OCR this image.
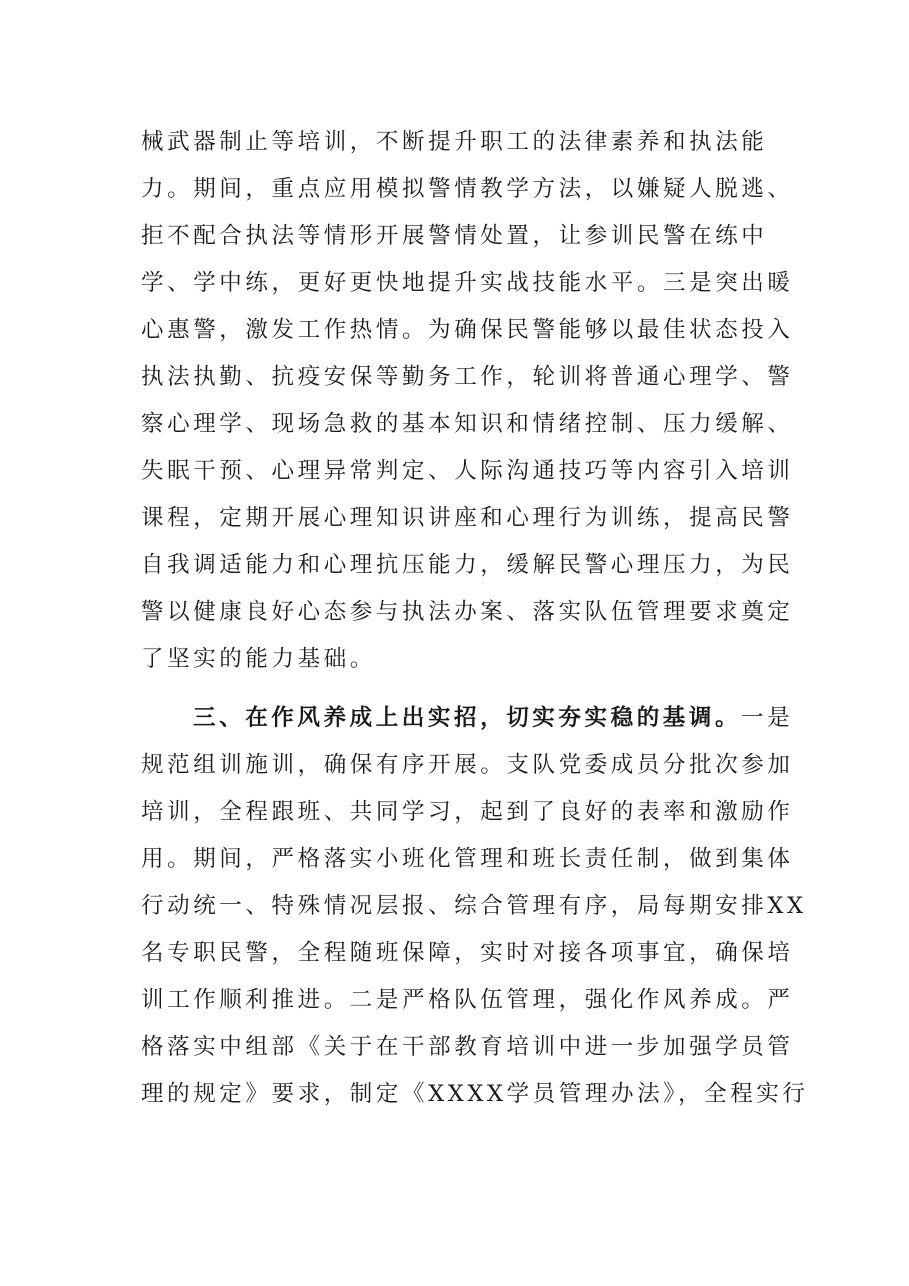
械武器制止等培训，不断提升职工的法律素养和执法能
力。期间，重点应用模拟警情教学方法，以嫌疑人脱逃、
拒不配合执法等情形开展警情处置，让参训民警在练中
学、学中练，更好更快地提升实战技能水平。三是突出暖
心惠警，激发工作热情。为确保民警能够以最佳状态投入
执法执勤、抗疫安保等勤务工作，轮训将普通心理学、警
察心理学、现场急救的基本知识和情绪控制、压力缓解、
失眠干预、心理异常判定、人际沟通技巧等内容引入培训
课程，定期开展心理知识讲座和心理行为训练，提高民警
自我调适能力和心理抗压能力，缓解民警心理压力，为民
警以健康良好心态参与执法办案、落实队伍管理要求奠定
了坚实的能力基础。
三、在作风养成上出实招，切实夯实稳的基调。一是
规范组训施训，确保有序开展。支队党委成员分批次参加
培训，全程跟班、共同学习，起到了良好的表率和激励作
用。期间，严格落实小班化管理和班长责任制，做到集体
行动统一、特殊情况层报、综合管理有序，局每期安排XX
名专职民警，全程随班保障，实时对接各项事宜，确保培
训工作顺利推进。二是严格队伍管理，强化作风养成。严
格落实中组部《关于在干部教育培训中进一步加强学员管
理的规定》要求，制定《XXXX学员管理办法》，全程实行
